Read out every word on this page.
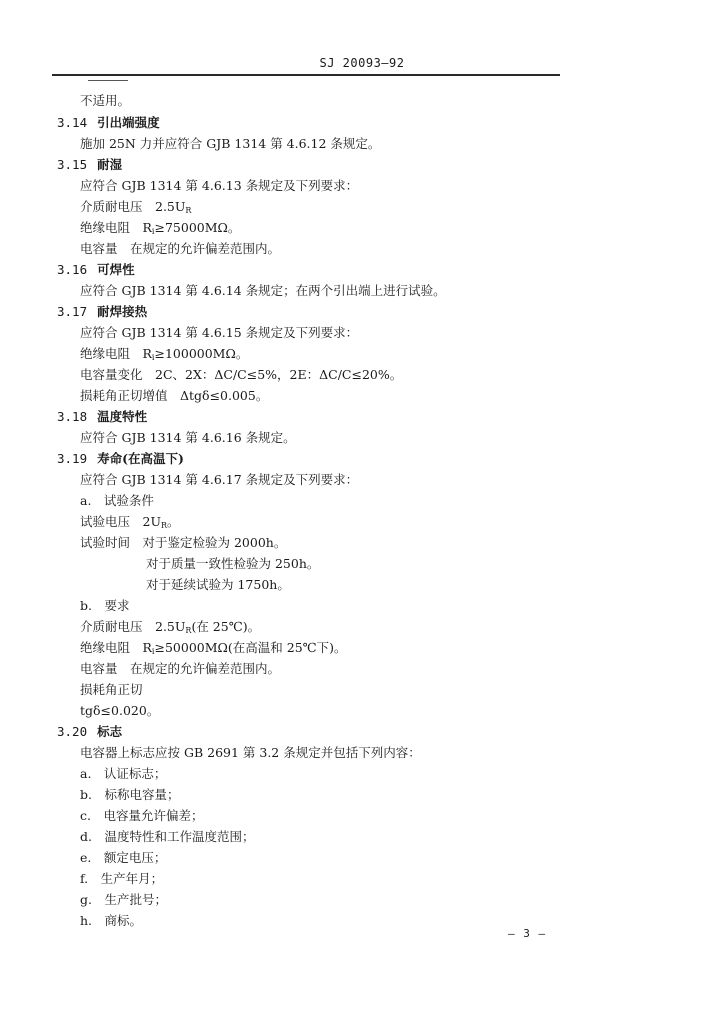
SJ 20093—92
不适用。
3.14 引出端强度
施加 25N 力并应符合 GJB 1314 第 4.6.12 条规定。
3.15 耐湿
应符合 GJB 1314 第 4.6.13 条规定及下列要求：
介质耐电压　$2.5U_R$
绝缘电阻　$R_i\ge 75000M\Omega$。
电容量　在规定的允许偏差范围内。
3.16 可焊性
应符合 GJB 1314 第 4.6.14 条规定；在两个引出端上进行试验。
3.17 耐焊接热
应符合 GJB 1314 第 4.6.15 条规定及下列要求：
绝缘电阻　$R_i\ge 100000M\Omega$。
电容量变化　2C、2X：ΔC/C≤5%，2E：ΔC/C≤20%。
损耗角正切增值　Δtgδ≤0.005。
3.18 温度特性
应符合 GJB 1314 第 4.6.16 条规定。
3.19 寿命(在高温下)
应符合 GJB 1314 第 4.6.17 条规定及下列要求：
a.　试验条件
试验电压　$2U_R$。
试验时间　对于鉴定检验为 2000h。
对于质量一致性检验为 250h。
对于延续试验为 1750h。
b.　要求
介质耐电压　$2.5U_R$(在 25℃)。
绝缘电阻　$R_i\ge 50000M\Omega$(在高温和 25℃下)。
电容量　在规定的允许偏差范围内。
损耗角正切
tgδ≤0.020。
3.20 标志
电容器上标志应按 GB 2691 第 3.2 条规定并包括下列内容：
a.　认证标志；
b.　标称电容量；
c.　电容量允许偏差；
d.　温度特性和工作温度范围；
e.　额定电压；
f.　生产年月；
g.　生产批号；
h.　商标。
— 3 —
